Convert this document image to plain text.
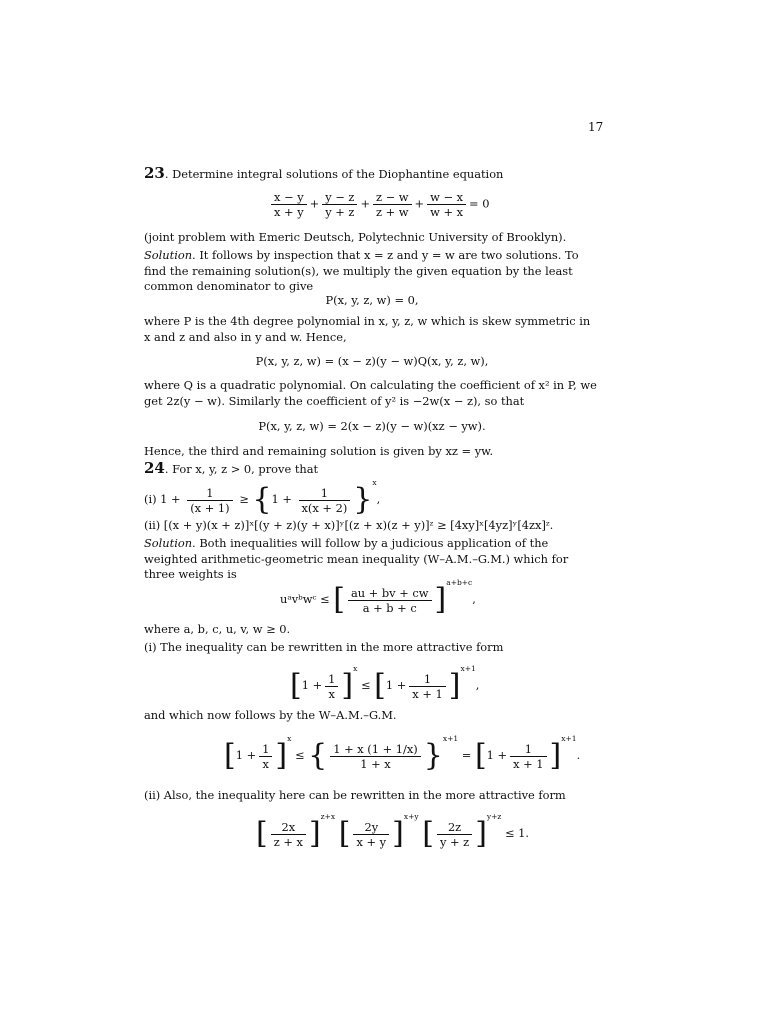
17
23. Determine integral solutions of the Diophantine equation
$\frac{x - y}{x + y} + \frac{y - z}{y + z} + \frac{z - w}{z + w} + \frac{w - x}{w + x} = 0$
(joint problem with Emeric Deutsch, Polytechnic University of Brooklyn).
Solution. It follows by inspection that x = z and y = w are two solutions. To find the remaining solution(s), we multiply the given equation by the least common denominator to give
P(x, y, z, w) = 0,
where P is the 4th degree polynomial in x, y, z, w which is skew symmetric in x and z and also in y and w. Hence,
P(x, y, z, w) = (x − z)(y − w)Q(x, y, z, w),
where Q is a quadratic polynomial. On calculating the coefficient of x² in P, we get 2z(y − w). Similarly the coefficient of y² is −2w(x − z), so that
P(x, y, z, w) = 2(x − z)(y − w)(xz − yw).
Hence, the third and remaining solution is given by xz = yw.
24. For x, y, z > 0, prove that
(i) $1 + \frac{1}{(x + 1)} \ge \{1 + \frac{1}{x(x + 2)} \}^x$,
(ii) [(x + y)(x + z)]ˣ[(y + z)(y + x)]ʸ[(z + x)(z + y)]ᶻ ≥ [4xy]ˣ[4yz]ʸ[4zx]ᶻ.
Solution. Both inequalities will follow by a judicious application of the weighted arithmetic-geometric mean inequality (W–A.M.–G.M.) which for three weights is
uᵃvᵇwᶜ ≤ [ $\frac{au + bv + cw}{a + b + c} ]^{a+b+c}$,
where a, b, c, u, v, w ≥ 0.
(i) The inequality can be rewritten in the more attractive form
$[1 + \frac{1}{x} ]^x \le [1 + \frac{1}{x + 1} ]^{x+1}$,
and which now follows by the W–A.M.–G.M.
$[1 + \frac{1}{x} ]^x$ ≤ { $\frac{1 + x (1 + 1/x)}{1 + x} \}^{x+1} = [1 + \frac{1}{x + 1} ]^{x+1}$.
(ii) Also, the inequality here can be rewritten in the more attractive form
[ $\frac{2x}{z + x} ]^{z+x}$ [ $\frac{2y}{x + y} ]^{x+y}$ [ $\frac{2z}{y + z} ]^{y+z} \le 1$.
